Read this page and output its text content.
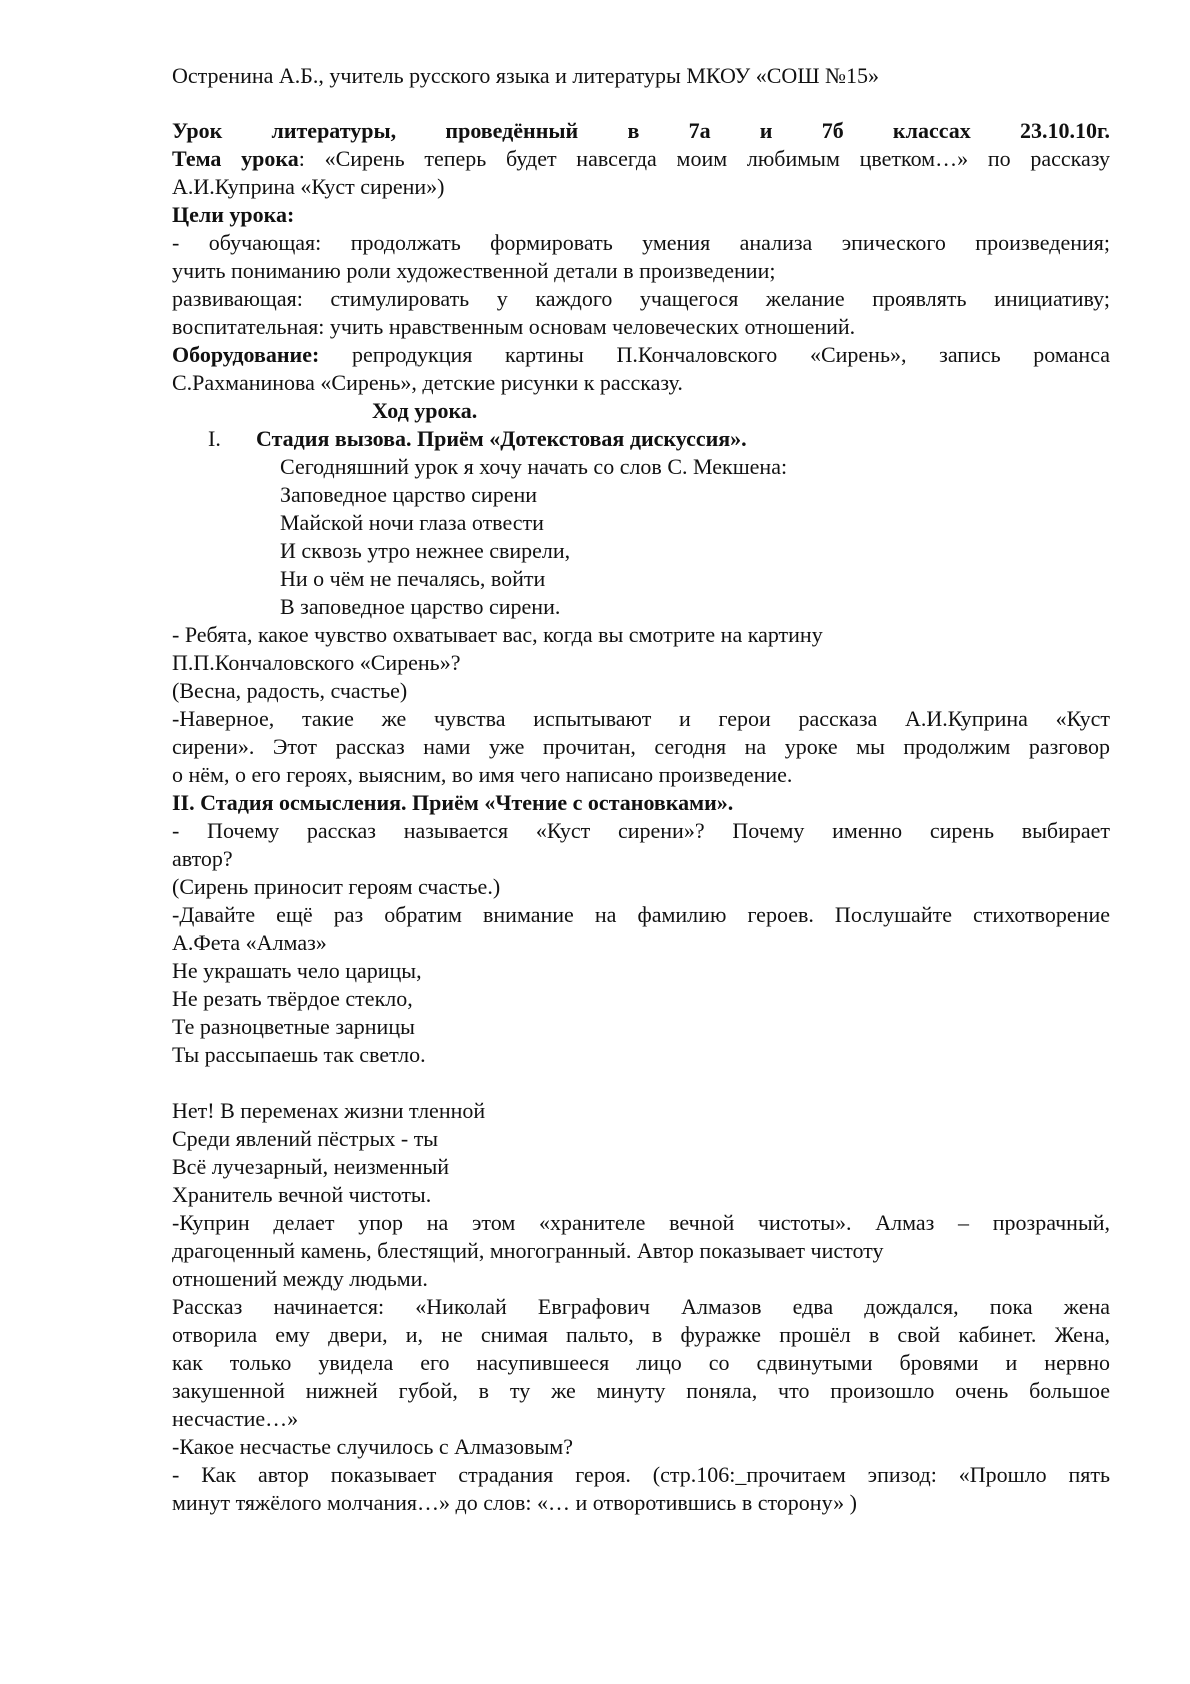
Остренина А.Б., учитель русского языка и литературы МКОУ «СОШ №15»
Урок литературы, проведённый в 7а и 7б классах 23.10.10г.
Тема урока: «Сирень теперь будет навсегда моим любимым цветком…» по рассказу
А.И.Куприна «Куст сирени»)
Цели урока:
- обучающая: продолжать формировать умения анализа эпического произведения;
учить пониманию роли художественной детали в произведении;
развивающая: стимулировать у каждого учащегося желание проявлять инициативу;
воспитательная: учить нравственным основам человеческих отношений.
Оборудование: репродукция картины П.Кончаловского «Сирень», запись романса
С.Рахманинова «Сирень», детские рисунки к рассказу.
Ход урока.
I. Стадия вызова. Приём «Дотекстовая дискуссия».
Сегодняшний урок я хочу начать со слов С. Мекшена:
Заповедное царство сирени
Майской ночи глаза отвести
И сквозь утро нежнее свирели,
Ни о чём не печалясь, войти
В заповедное царство сирени.
- Ребята, какое чувство охватывает вас, когда вы смотрите на картину
П.П.Кончаловского «Сирень»?
(Весна, радость, счастье)
-Наверное, такие же чувства испытывают и герои рассказа А.И.Куприна «Куст
сирени». Этот рассказ нами уже прочитан, сегодня на уроке мы продолжим разговор
о нём, о его героях, выясним, во имя чего написано произведение.
II. Стадия осмысления. Приём «Чтение с остановками».
- Почему рассказ называется «Куст сирени»? Почему именно сирень выбирает
автор?
(Сирень приносит героям счастье.)
-Давайте ещё раз обратим внимание на фамилию героев. Послушайте стихотворение
А.Фета «Алмаз»
Не украшать чело царицы,
Не резать твёрдое стекло,
Те разноцветные зарницы
Ты рассыпаешь так светло.
Нет! В переменах жизни тленной
Среди явлений пёстрых - ты
Всё лучезарный, неизменный
Хранитель вечной чистоты.
-Куприн делает упор на этом «хранителе вечной чистоты». Алмаз – прозрачный,
драгоценный камень, блестящий, многогранный. Автор показывает чистоту
отношений между людьми.
Рассказ начинается: «Николай Евграфович Алмазов едва дождался, пока жена
отворила ему двери, и, не снимая пальто, в фуражке прошёл в свой кабинет. Жена,
как только увидела его насупившееся лицо со сдвинутыми бровями и нервно
закушенной нижней губой, в ту же минуту поняла, что произошло очень большое
несчастие…»
-Какое несчастье случилось с Алмазовым?
- Как автор показывает страдания героя. (стр.106:_прочитаем эпизод: «Прошло пять
минут тяжёлого молчания…» до слов: «… и отворотившись в сторону» )
